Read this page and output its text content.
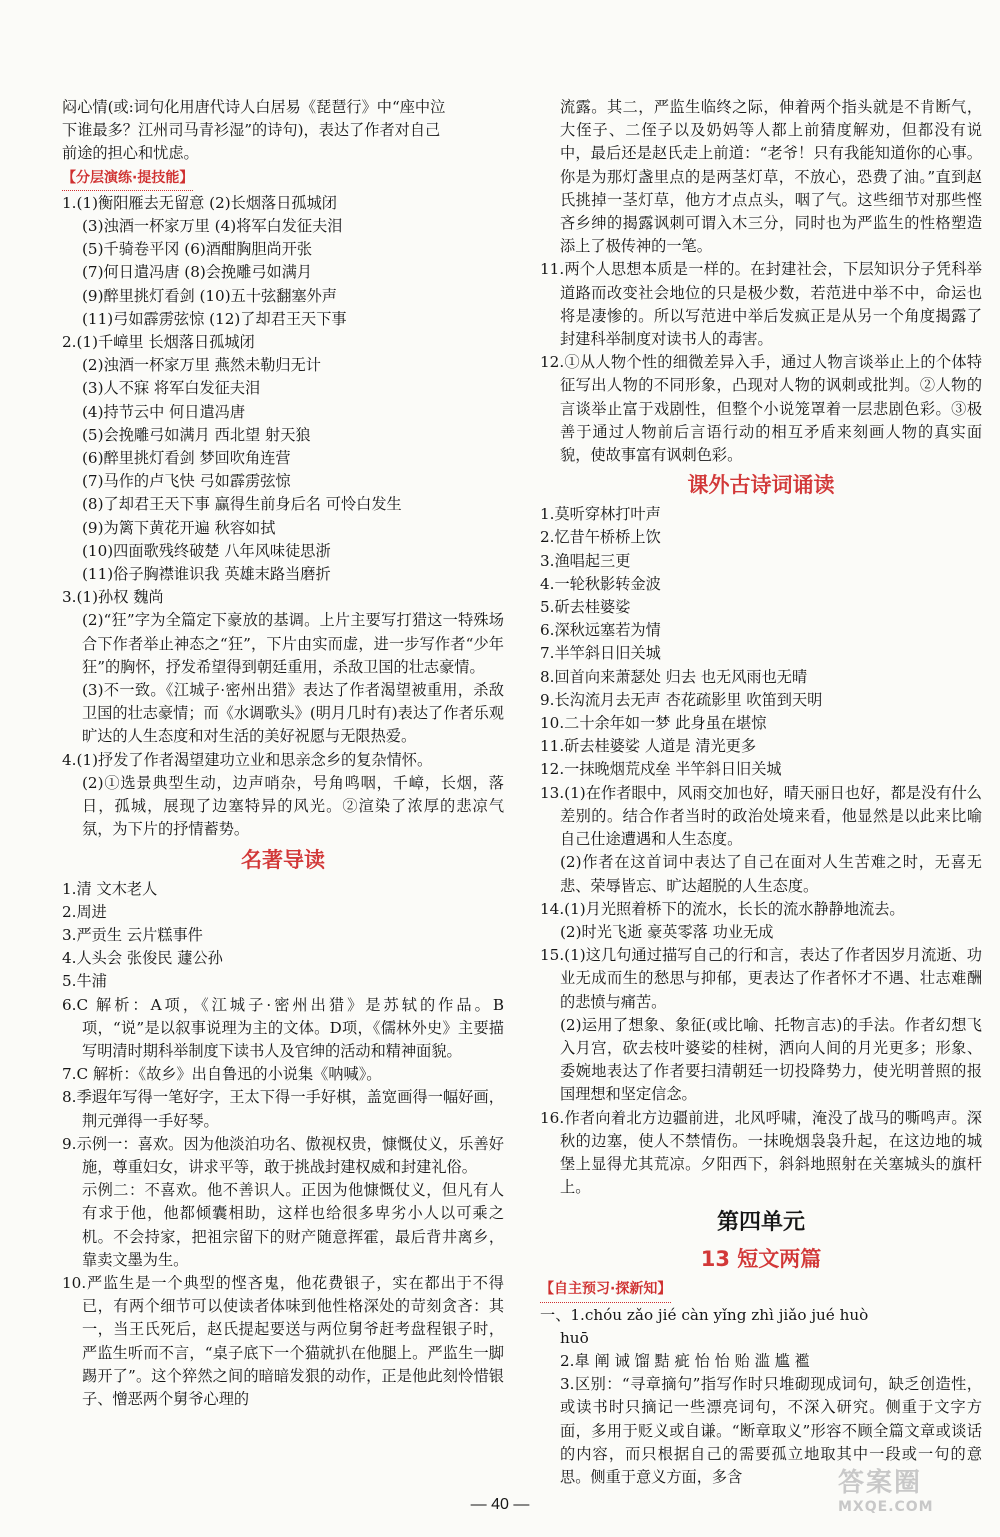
闷心情(或:词句化用唐代诗人白居易《琵琶行》中“座中泣

下谁最多？江州司马青衫湿”的诗句)，表达了作者对自己

前途的担心和忧虑。

【分层演练·提技能】

1.(1)衡阳雁去无留意 (2)长烟落日孤城闭

(3)浊酒一杯家万里 (4)将军白发征夫泪

(5)千骑卷平冈 (6)酒酣胸胆尚开张

(7)何日遣冯唐 (8)会挽雕弓如满月

(9)醉里挑灯看剑 (10)五十弦翻塞外声

(11)弓如霹雳弦惊 (12)了却君王天下事

2.(1)千嶂里 长烟落日孤城闭

(2)浊酒一杯家万里 燕然未勒归无计

(3)人不寐 将军白发征夫泪

(4)持节云中 何日遣冯唐

(5)会挽雕弓如满月 西北望 射天狼

(6)醉里挑灯看剑 梦回吹角连营

(7)马作的卢飞快 弓如霹雳弦惊

(8)了却君王天下事 赢得生前身后名 可怜白发生

(9)为篱下黄花开遍 秋容如拭

(10)四面歌残终破楚 八年风味徒思浙

(11)俗子胸襟谁识我 英雄末路当磨折

3.(1)孙权 魏尚

(2)“狂”字为全篇定下豪放的基调。上片主要写打猎这一特殊场合下作者举止神态之“狂”，下片由实而虚，进一步写作者“少年狂”的胸怀，抒发希望得到朝廷重用，杀敌卫国的壮志豪情。

(3)不一致。《江城子·密州出猎》表达了作者渴望被重用，杀敌卫国的壮志豪情；而《水调歌头》(明月几时有)表达了作者乐观旷达的人生态度和对生活的美好祝愿与无限热爱。

4.(1)抒发了作者渴望建功立业和思亲念乡的复杂情怀。

(2)①选景典型生动，边声哨杂，号角鸣咽，千嶂，长烟，落日，孤城，展现了边塞特异的风光。②渲染了浓厚的悲凉气氛，为下片的抒情蓄势。

名著导读

1.清 文木老人

2.周进

3.严贡生 云片糕事件

4.人头会 张俊民 蘧公孙

5.牛浦

6.C 解析：A项，《江城子·密州出猎》是苏轼的作品。B项，“说”是以叙事说理为主的文体。D项，《儒林外史》主要描写明清时期科举制度下读书人及官绅的活动和精神面貌。

7.C 解析：《故乡》出自鲁迅的小说集《呐喊》。

8.季遐年写得一笔好字，王太下得一手好棋，盖宽画得一幅好画，荆元弹得一手好琴。

9.示例一：喜欢。因为他淡泊功名、傲视权贵，慷慨仗义，乐善好施，尊重妇女，讲求平等，敢于挑战封建权威和封建礼俗。

示例二：不喜欢。他不善识人。正因为他慷慨仗义，但凡有人有求于他，他都倾囊相助，这样也给很多卑劣小人以可乘之机。不会持家，把祖宗留下的财产随意挥霍，最后背井离乡，靠卖文墨为生。

10.严监生是一个典型的悭吝鬼，他花费银子，实在都出于不得已，有两个细节可以使读者体味到他性格深处的苛刻贪吝：其一，当王氏死后，赵氏提起要送与两位舅爷赶考盘程银子时，严监生听而不言，“桌子底下一个猫就扒在他腿上。严监生一脚踢开了”。这个猝然之间的暗暗发狠的动作，正是他此刻怜惜银子、憎恶两个舅爷心理的

流露。其二，严监生临终之际，伸着两个指头就是不肯断气，大侄子、二侄子以及奶妈等人都上前猜度解劝，但都没有说中，最后还是赵氏走上前道：“老爷！只有我能知道你的心事。你是为那灯盏里点的是两茎灯草，不放心，恐费了油。”直到赵氏挑掉一茎灯草，他方才点点头，咽了气。这些细节对那些悭吝乡绅的揭露讽刺可谓入木三分，同时也为严监生的性格塑造添上了极传神的一笔。

11.两个人思想本质是一样的。在封建社会，下层知识分子凭科举道路而改变社会地位的只是极少数，若范进中举不中，命运也将是凄惨的。所以写范进中举后发疯正是从另一个角度揭露了封建科举制度对读书人的毒害。

12.①从人物个性的细微差异入手，通过人物言谈举止上的个体特征写出人物的不同形象，凸现对人物的讽刺或批判。②人物的言谈举止富于戏剧性，但整个小说笼罩着一层悲剧色彩。③极善于通过人物前后言语行动的相互矛盾来刻画人物的真实面貌，使故事富有讽刺色彩。

课外古诗词诵读

1.莫听穿林打叶声

2.忆昔午桥桥上饮

3.渔唱起三更

4.一轮秋影转金波

5.斫去桂婆娑

6.深秋远塞若为情

7.半竿斜日旧关城

8.回首向来萧瑟处 归去 也无风雨也无晴

9.长沟流月去无声 杏花疏影里 吹笛到天明

10.二十余年如一梦 此身虽在堪惊

11.斫去桂婆娑 人道是 清光更多

12.一抹晚烟荒戍垒 半竿斜日旧关城

13.(1)在作者眼中，风雨交加也好，晴天丽日也好，都是没有什么差别的。结合作者当时的政治处境来看，他显然是以此来比喻自己仕途遭遇和人生态度。

(2)作者在这首词中表达了自己在面对人生苦难之时，无喜无悲、荣辱皆忘、旷达超脱的人生态度。

14.(1)月光照着桥下的流水，长长的流水静静地流去。

(2)时光飞逝 豪英零落 功业无成

15.(1)这几句通过描写自己的行和言，表达了作者因岁月流逝、功业无成而生的愁思与抑郁，更表达了作者怀才不遇、壮志难酬的悲愤与痛苦。

(2)运用了想象、象征(或比喻、托物言志)的手法。作者幻想飞入月宫，砍去枝叶婆娑的桂树，洒向人间的月光更多；形象、委婉地表达了作者要扫清朝廷一切投降势力，使光明普照的报国理想和坚定信念。

16.作者向着北方边疆前进，北风呼啸，淹没了战马的嘶鸣声。深秋的边塞，使人不禁情伤。一抹晚烟袅袅升起，在这边地的城堡上显得尤其荒凉。夕阳西下，斜斜地照射在关塞城头的旗杆上。

第四单元
13 短文两篇
【自主预习·探新知】

一、1.chóu zǎo jié càn yǐng zhì jiǎo jué huò

huō

2.臯 阐 诫 馏 黠 疵 怡 怡 贻 滥 尴 襤

3.区别：“寻章摘句”指写作时只堆砌现成词句，缺乏创造性，或读书时只摘记一些漂亮词句，不深入研究。侧重于文字方面，多用于贬义或自谦。“断章取义”形容不顾全篇文章或谈话的内容，而只根据自己的需要孤立地取其中一段或一句的意思。侧重于意义方面，多含

— 40 —
答案圈
MXQE.COM
